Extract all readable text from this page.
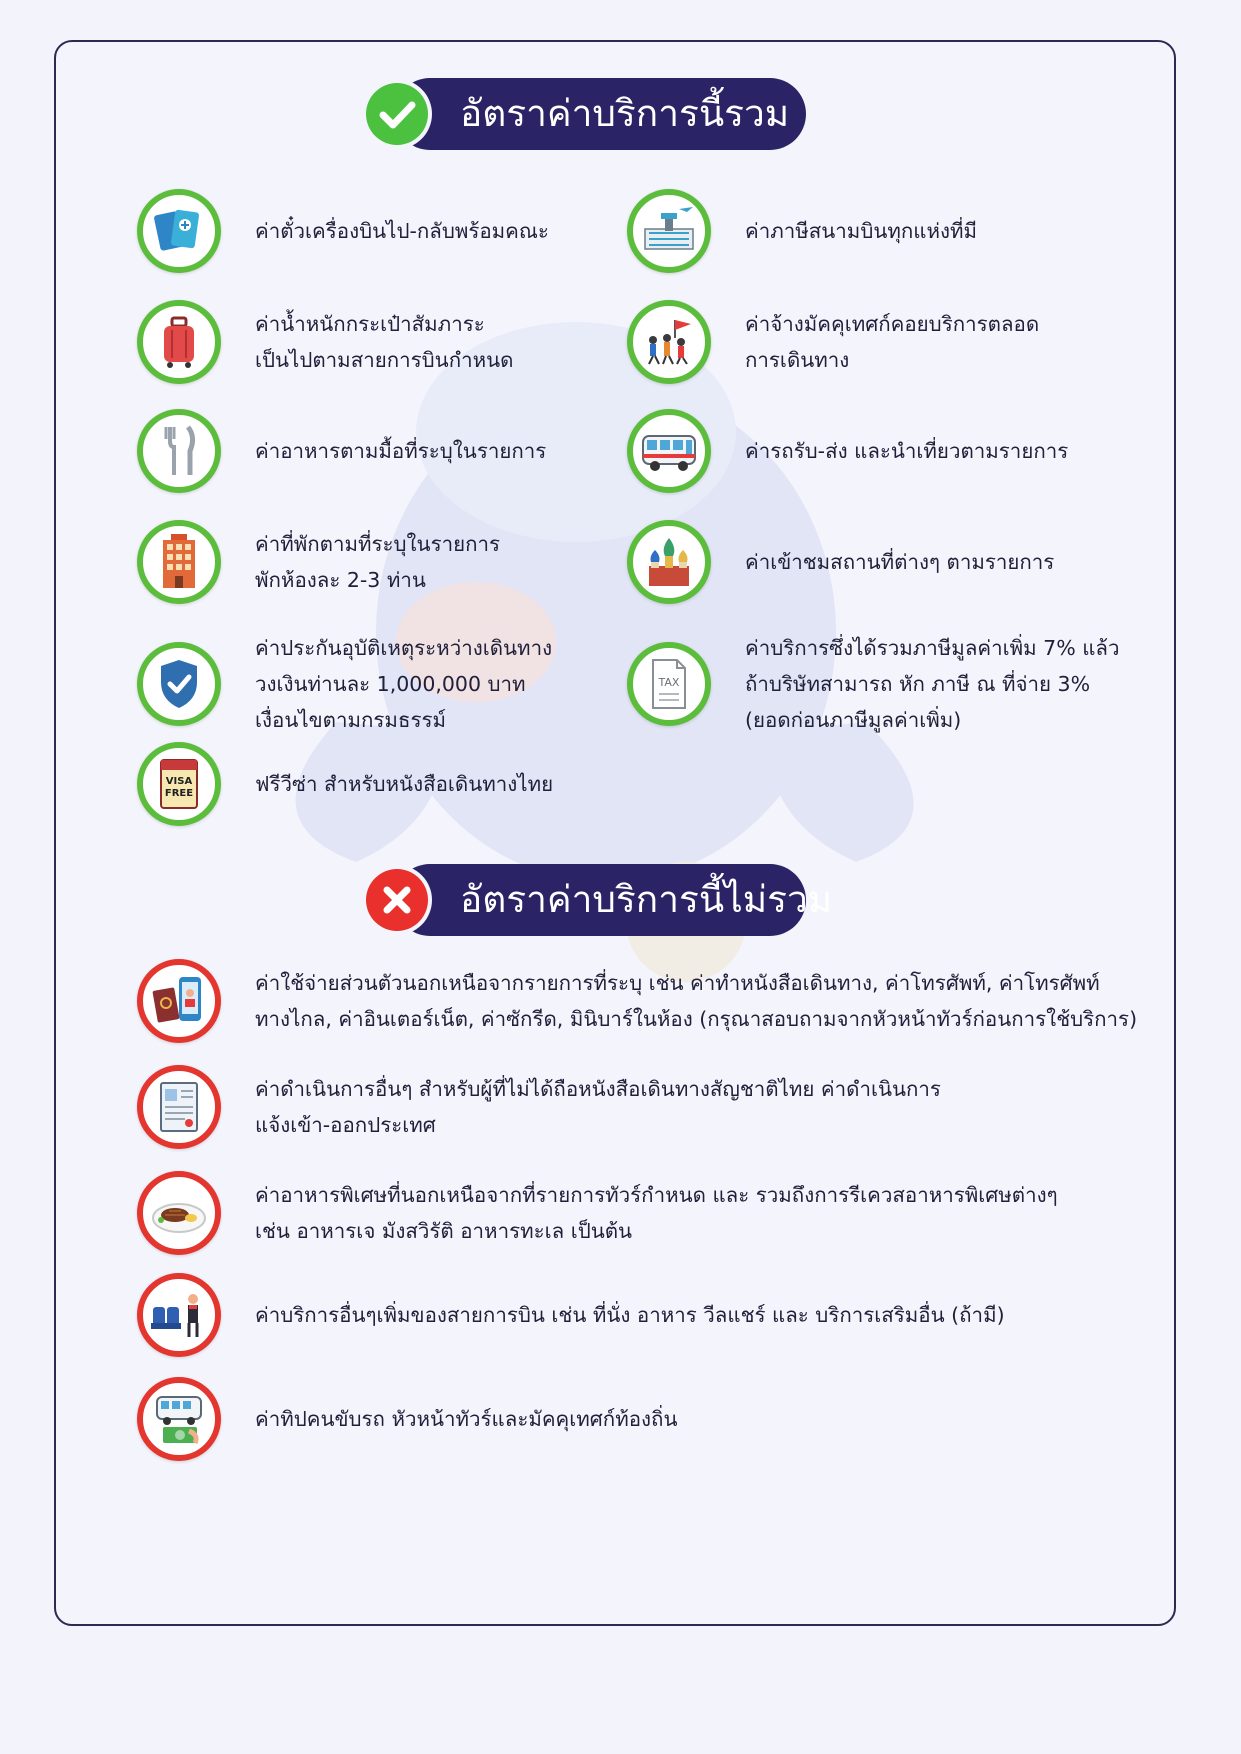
อัตราค่าบริการนี้รวม
ค่าตั๋วเครื่องบินไป-กลับพร้อมคณะ	ค่าภาษีสนามบินทุกแห่งที่มี
ค่าน้ำหนักกระเป๋าสัมภาระ
เป็นไปตามสายการบินกำหนด
ค่าจ้างมัคคุเทศก์คอยบริการตลอด
การเดินทาง
ค่าอาหารตามมื้อที่ระบุในรายการ	ค่ารถรับ-ส่ง และนำเที่ยวตามรายการ
ค่าที่พักตามที่ระบุในรายการ
พักห้องละ 2-3 ท่าน
ค่าเข้าชมสถานที่ต่างๆ ตามรายการ
ค่าประกันอุบัติเหตุระหว่างเดินทาง
วงเงินท่านละ 1,000,000 บาท
เงื่อนไขตามกรมธรรม์
TAX
ค่าบริการซึ่งได้รวมภาษีมูลค่าเพิ่ม 7% แล้ว
ถ้าบริษัทสามารถ หัก ภาษี ณ ที่จ่าย 3%
(ยอดก่อนภาษีมูลค่าเพิ่ม)
VISA
FREE	ฟรีวีซ่า สำหรับหนังสือเดินทางไทย
อัตราค่าบริการนี้ไม่รวม
ค่าใช้จ่ายส่วนตัวนอกเหนือจากรายการที่ระบุ เช่น ค่าทำหนังสือเดินทาง, ค่าโทรศัพท์, ค่าโทรศัพท์
ทางไกล, ค่าอินเตอร์เน็ต, ค่าซักรีด, มินิบาร์ในห้อง (กรุณาสอบถามจากหัวหน้าทัวร์ก่อนการใช้บริการ)
ค่าดำเนินการอื่นๆ สำหรับผู้ที่ไม่ได้ถือหนังสือเดินทางสัญชาติไทย ค่าดำเนินการ
แจ้งเข้า-ออกประเทศ
ค่าอาหารพิเศษที่นอกเหนือจากที่รายการทัวร์กำหนด และ รวมถึงการรีเควสอาหารพิเศษต่างๆ
เช่น อาหารเจ มังสวิรัติ อาหารทะเล เป็นต้น
ค่าบริการอื่นๆเพิ่มของสายการบิน เช่น ที่นั่ง อาหาร วีลแชร์ และ บริการเสริมอื่น (ถ้ามี)
ค่าทิปคนขับรถ หัวหน้าทัวร์และมัคคุเทศก์ท้องถิ่น
